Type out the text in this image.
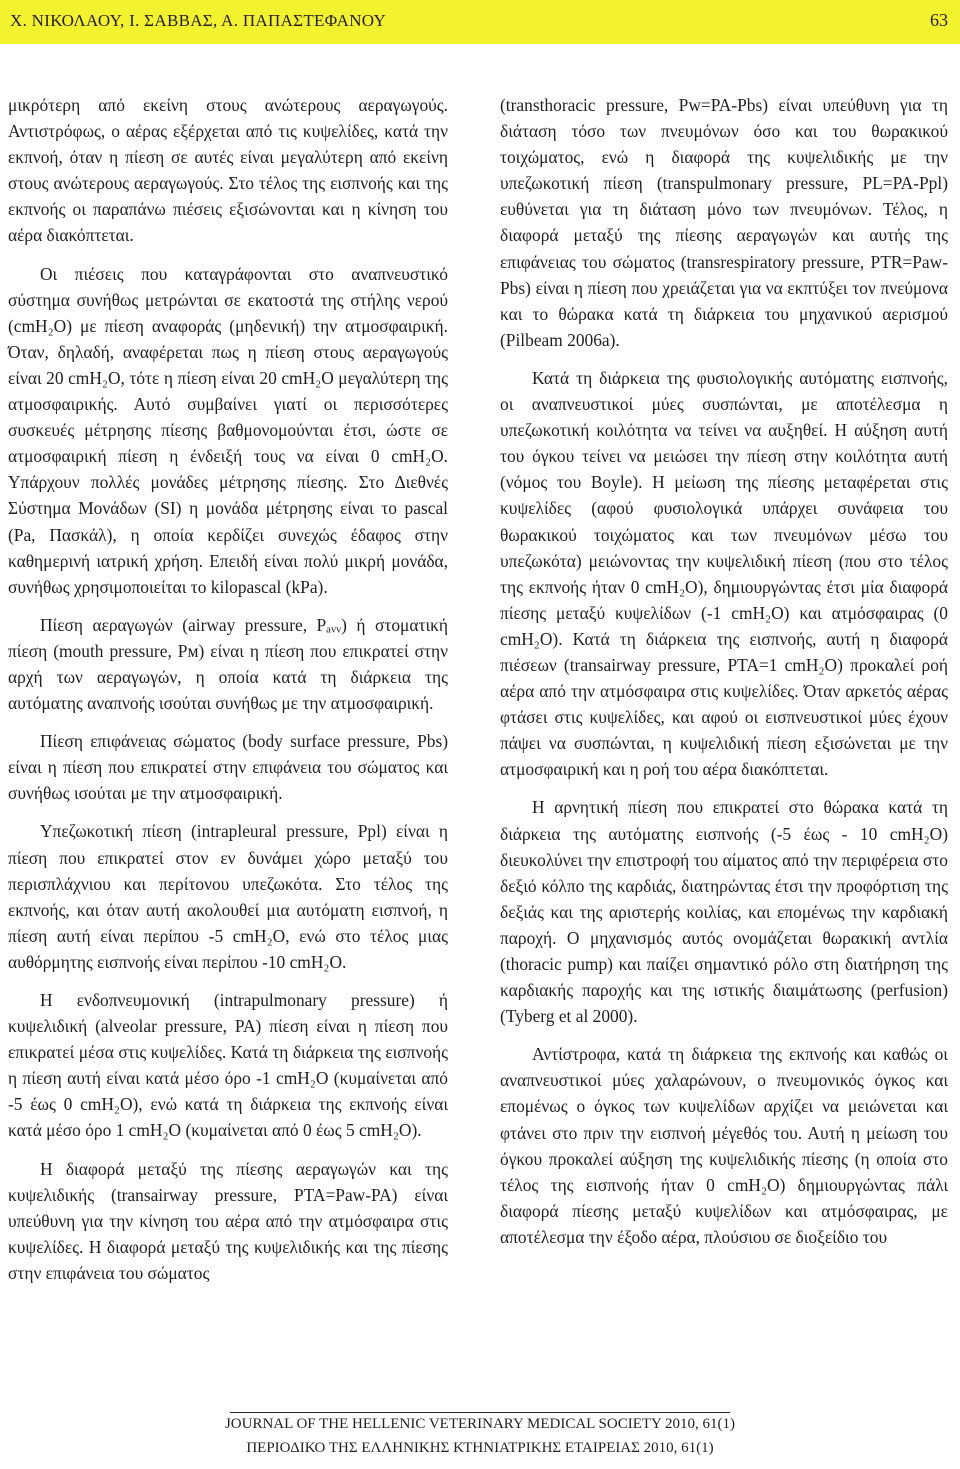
Χ. ΝΙΚΟΛΑΟΥ, Ι. ΣΑΒΒΑΣ, Α. ΠΑΠΑΣΤΕΦΑΝΟΥ	63

μικρότερη από εκείνη στους ανώτερους αεραγωγούς. Αντιστρόφως, ο αέρας εξέρχεται από τις κυψελίδες, κατά την εκπνοή, όταν η πίεση σε αυτές είναι μεγαλύτερη από εκείνη στους ανώτερους αεραγωγούς. Στο τέλος της εισπνοής και της εκπνοής οι παραπάνω πιέσεις εξισώνονται και η κίνηση του αέρα διακόπτεται.

Οι πιέσεις που καταγράφονται στο αναπνευστικό σύστημα συνήθως μετρώνται σε εκατοστά της στήλης νερού (cmH₂O) με πίεση αναφοράς (μηδενική) την ατμοσφαιρική. Όταν, δηλαδή, αναφέρεται πως η πίεση στους αεραγωγούς είναι 20 cmH₂O, τότε η πίεση είναι 20 cmH₂O μεγαλύτερη της ατμοσφαιρικής. Αυτό συμβαίνει γιατί οι περισσότερες συσκευές μέτρησης πίεσης βαθμονομούνται έτσι, ώστε σε ατμοσφαιρική πίεση η ένδειξή τους να είναι 0 cmH₂O. Υπάρχουν πολλές μονάδες μέτρησης πίεσης. Στο Διεθνές Σύστημα Μονάδων (SI) η μονάδα μέτρησης είναι το pascal (Pa, Πασκάλ), η οποία κερδίζει συνεχώς έδαφος στην καθημερινή ιατρική χρήση. Επειδή είναι πολύ μικρή μονάδα, συνήθως χρησιμοποιείται το kilopascal (kPa).

Πίεση αεραγωγών (airway pressure, Pₐᵥᵥ) ή στοματική πίεση (mouth pressure, Pᴍ) είναι η πίεση που επικρατεί στην αρχή των αεραγωγών, η οποία κατά τη διάρκεια της αυτόματης αναπνοής ισούται συνήθως με την ατμοσφαιρική.

Πίεση επιφάνειας σώματος (body surface pressure, Pbs) είναι η πίεση που επικρατεί στην επιφάνεια του σώματος και συνήθως ισούται με την ατμοσφαιρική.

Υπεζωκοτική πίεση (intrapleural pressure, Ppl) είναι η πίεση που επικρατεί στον εν δυνάμει χώρο μεταξύ του περισπλάχνιου και περίτονου υπεζωκότα. Στο τέλος της εκπνοής, και όταν αυτή ακολουθεί μια αυτόματη εισπνοή, η πίεση αυτή είναι περίπου -5 cmH₂O, ενώ στο τέλος μιας αυθόρμητης εισπνοής είναι περίπου -10 cmH₂O.

Η ενδοπνευμονική (intrapulmonary pressure) ή κυψελιδική (alveolar pressure, PA) πίεση είναι η πίεση που επικρατεί μέσα στις κυψελίδες. Κατά τη διάρκεια της εισπνοής η πίεση αυτή είναι κατά μέσο όρο -1 cmH₂O (κυμαίνεται από -5 έως 0 cmH₂O), ενώ κατά τη διάρκεια της εκπνοής είναι κατά μέσο όρο 1 cmH₂O (κυμαίνεται από 0 έως 5 cmH₂O).

Η διαφορά μεταξύ της πίεσης αεραγωγών και της κυψελιδικής (transairway pressure, PTA=Paw-PA) είναι υπεύθυνη για την κίνηση του αέρα από την ατμόσφαιρα στις κυψελίδες. Η διαφορά μεταξύ της κυψελιδικής και της πίεσης στην επιφάνεια του σώματος

(transthoracic pressure, Pw=PA-Pbs) είναι υπεύθυνη για τη διάταση τόσο των πνευμόνων όσο και του θωρακικού τοιχώματος, ενώ η διαφορά της κυψελιδικής με την υπεζωκοτική πίεση (transpulmonary pressure, PL=PA-Ppl) ευθύνεται για τη διάταση μόνο των πνευμόνων. Τέλος, η διαφορά μεταξύ της πίεσης αεραγωγών και αυτής της επιφάνειας του σώματος (transrespiratory pressure, PTR=Paw-Pbs) είναι η πίεση που χρειάζεται για να εκπτύξει τον πνεύμονα και το θώρακα κατά τη διάρκεια του μηχανικού αερισμού (Pilbeam 2006a).

Κατά τη διάρκεια της φυσιολογικής αυτόματης εισπνοής, οι αναπνευστικοί μύες συσπώνται, με αποτέλεσμα η υπεζωκοτική κοιλότητα να τείνει να αυξηθεί. Η αύξηση αυτή του όγκου τείνει να μειώσει την πίεση στην κοιλότητα αυτή (νόμος του Boyle). Η μείωση της πίεσης μεταφέρεται στις κυψελίδες (αφού φυσιολογικά υπάρχει συνάφεια του θωρακικού τοιχώματος και των πνευμόνων μέσω του υπεζωκότα) μειώνοντας την κυψελιδική πίεση (που στο τέλος της εκπνοής ήταν 0 cmH₂O), δημιουργώντας έτσι μία διαφορά πίεσης μεταξύ κυψελίδων (-1 cmH₂O) και ατμόσφαιρας (0 cmH₂O). Κατά τη διάρκεια της εισπνοής, αυτή η διαφορά πιέσεων (transairway pressure, PTA=1 cmH₂O) προκαλεί ροή αέρα από την ατμόσφαιρα στις κυψελίδες. Όταν αρκετός αέρας φτάσει στις κυψελίδες, και αφού οι εισπνευστικοί μύες έχουν πάψει να συσπώνται, η κυψελιδική πίεση εξισώνεται με την ατμοσφαιρική και η ροή του αέρα διακόπτεται.

Η αρνητική πίεση που επικρατεί στο θώρακα κατά τη διάρκεια της αυτόματης εισπνοής (-5 έως - 10 cmH₂O) διευκολύνει την επιστροφή του αίματος από την περιφέρεια στο δεξιό κόλπο της καρδιάς, διατηρώντας έτσι την προφόρτιση της δεξιάς και της αριστερής κοιλίας, και επομένως την καρδιακή παροχή. Ο μηχανισμός αυτός ονομάζεται θωρακική αντλία (thoracic pump) και παίζει σημαντικό ρόλο στη διατήρηση της καρδιακής παροχής και της ιστικής διαιμάτωσης (perfusion) (Tyberg et al 2000).

Αντίστροφα, κατά τη διάρκεια της εκπνοής και καθώς οι αναπνευστικοί μύες χαλαρώνουν, ο πνευμονικός όγκος και επομένως ο όγκος των κυψελίδων αρχίζει να μειώνεται και φτάνει στο πριν την εισπνοή μέγεθός του. Αυτή η μείωση του όγκου προκαλεί αύξηση της κυψελιδικής πίεσης (η οποία στο τέλος της εισπνοής ήταν 0 cmH₂O) δημιουργώντας πάλι διαφορά πίεσης μεταξύ κυψελίδων και ατμόσφαιρας, με αποτέλεσμα την έξοδο αέρα, πλούσιου σε διοξείδιο του

JOURNAL OF THE HELLENIC VETERINARY MEDICAL SOCIETY 2010, 61(1)
ΠΕΡΙΟΔΙΚΟ ΤΗΣ ΕΛΛΗΝΙΚΗΣ ΚΤΗΝΙΑΤΡΙΚΗΣ ΕΤΑΙΡΕΙΑΣ 2010, 61(1)
